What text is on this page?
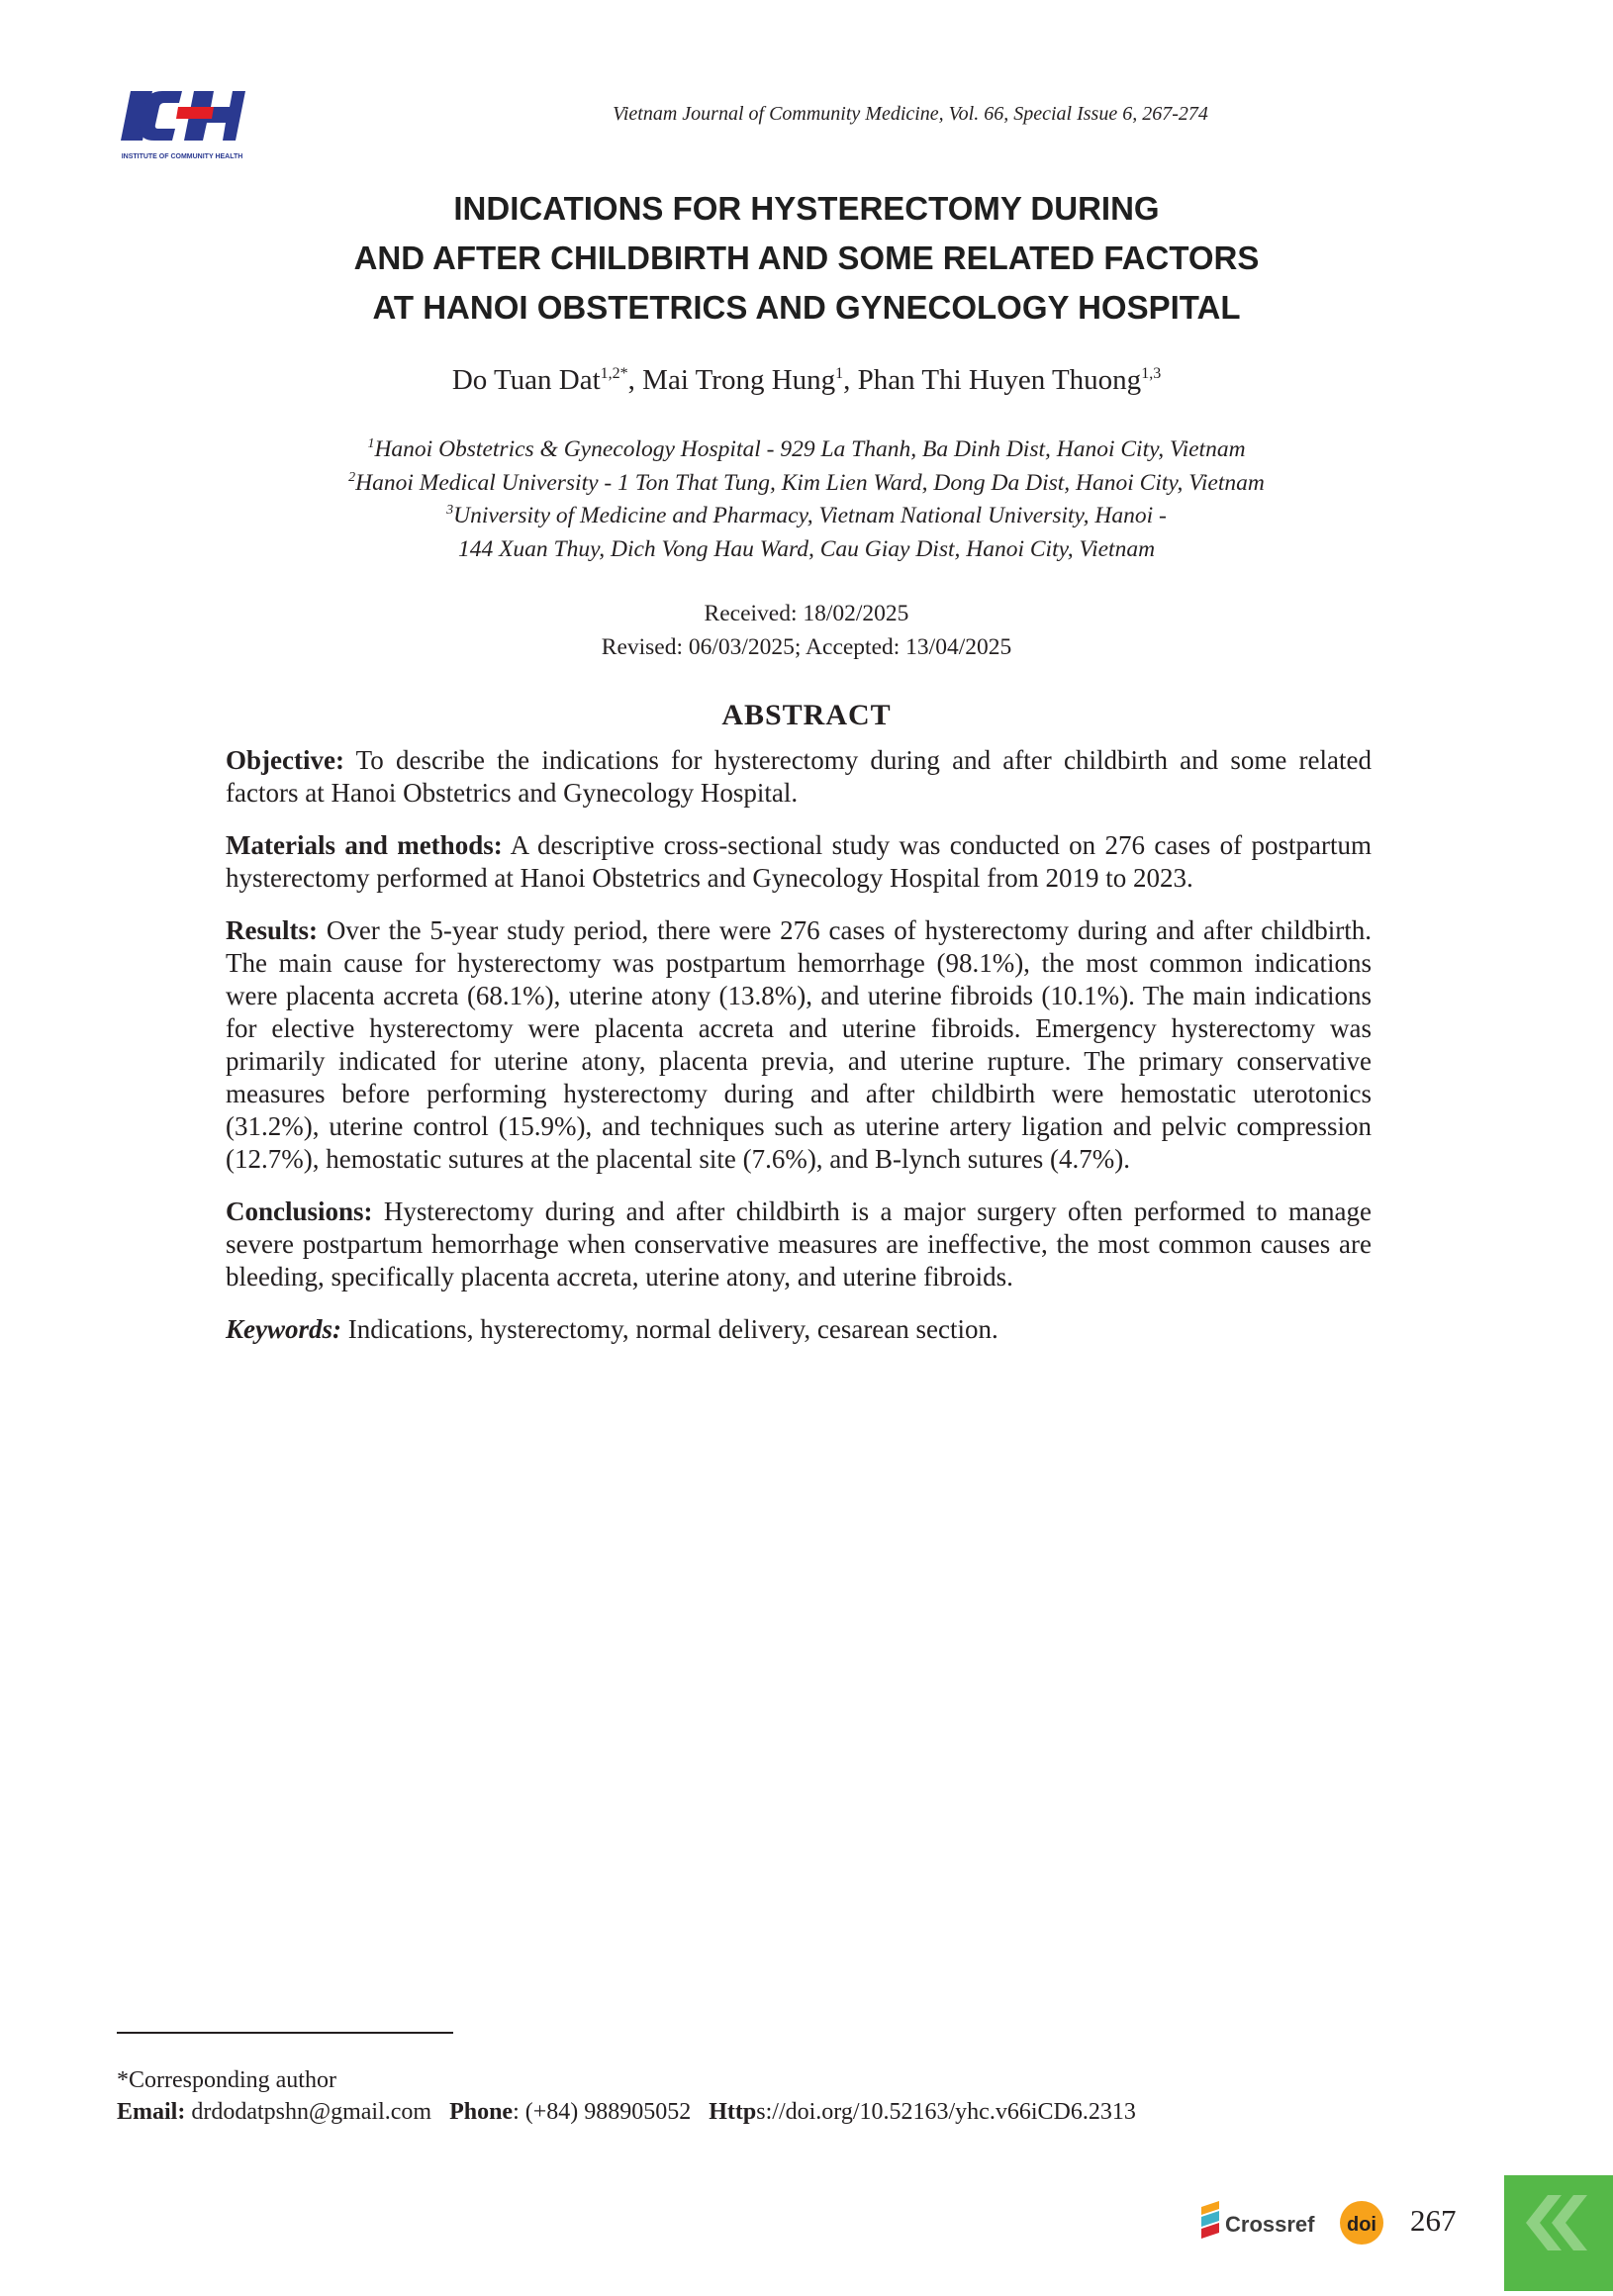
INSTITUTE OF COMMUNITY HEALTH
Vietnam Journal of Community Medicine, Vol. 66, Special Issue 6, 267-274
INDICATIONS FOR HYSTERECTOMY DURING
AND AFTER CHILDBIRTH AND SOME RELATED FACTORS
AT HANOI OBSTETRICS AND GYNECOLOGY HOSPITAL
Do Tuan Dat$^{1,2*}$, Mai Trong Hung$^1$, Phan Thi Huyen Thuong$^{1,3}$
$^1$Hanoi Obstetrics & Gynecology Hospital - 929 La Thanh, Ba Dinh Dist, Hanoi City, Vietnam
$^2$Hanoi Medical University - 1 Ton That Tung, Kim Lien Ward, Dong Da Dist, Hanoi City, Vietnam
$^3$University of Medicine and Pharmacy, Vietnam National University, Hanoi -
144 Xuan Thuy, Dich Vong Hau Ward, Cau Giay Dist, Hanoi City, Vietnam
Received: 18/02/2025
Revised: 06/03/2025; Accepted: 13/04/2025
ABSTRACT

Objective: To describe the indications for hysterectomy during and after childbirth and some related factors at Hanoi Obstetrics and Gynecology Hospital.

Materials and methods: A descriptive cross-sectional study was conducted on 276 cases of postpartum hysterectomy performed at Hanoi Obstetrics and Gynecology Hospital from 2019 to 2023.

Results: Over the 5-year study period, there were 276 cases of hysterectomy during and after childbirth. The main cause for hysterectomy was postpartum hemorrhage (98.1%), the most common indications were placenta accreta (68.1%), uterine atony (13.8%), and uterine fibroids (10.1%). The main indications for elective hysterectomy were placenta accreta and uterine fibroids. Emergency hysterectomy was primarily indicated for uterine atony, placenta previa, and uterine rupture. The primary conservative measures before performing hysterectomy during and after childbirth were hemostatic uterotonics (31.2%), uterine control (15.9%), and techniques such as uterine artery ligation and pelvic compression (12.7%), hemostatic sutures at the placental site (7.6%), and B-lynch sutures (4.7%).

Conclusions: Hysterectomy during and after childbirth is a major surgery often performed to manage severe postpartum hemorrhage when conservative measures are ineffective, the most common causes are bleeding, specifically placenta accreta, uterine atony, and uterine fibroids.

Keywords: Indications, hysterectomy, normal delivery, cesarean section.

*Corresponding author
Email: drdodatpshn@gmail.com Phone: (+84) 988905052 Https://doi.org/10.52163/yhc.v66iCD6.2313
Crossref doi 267
